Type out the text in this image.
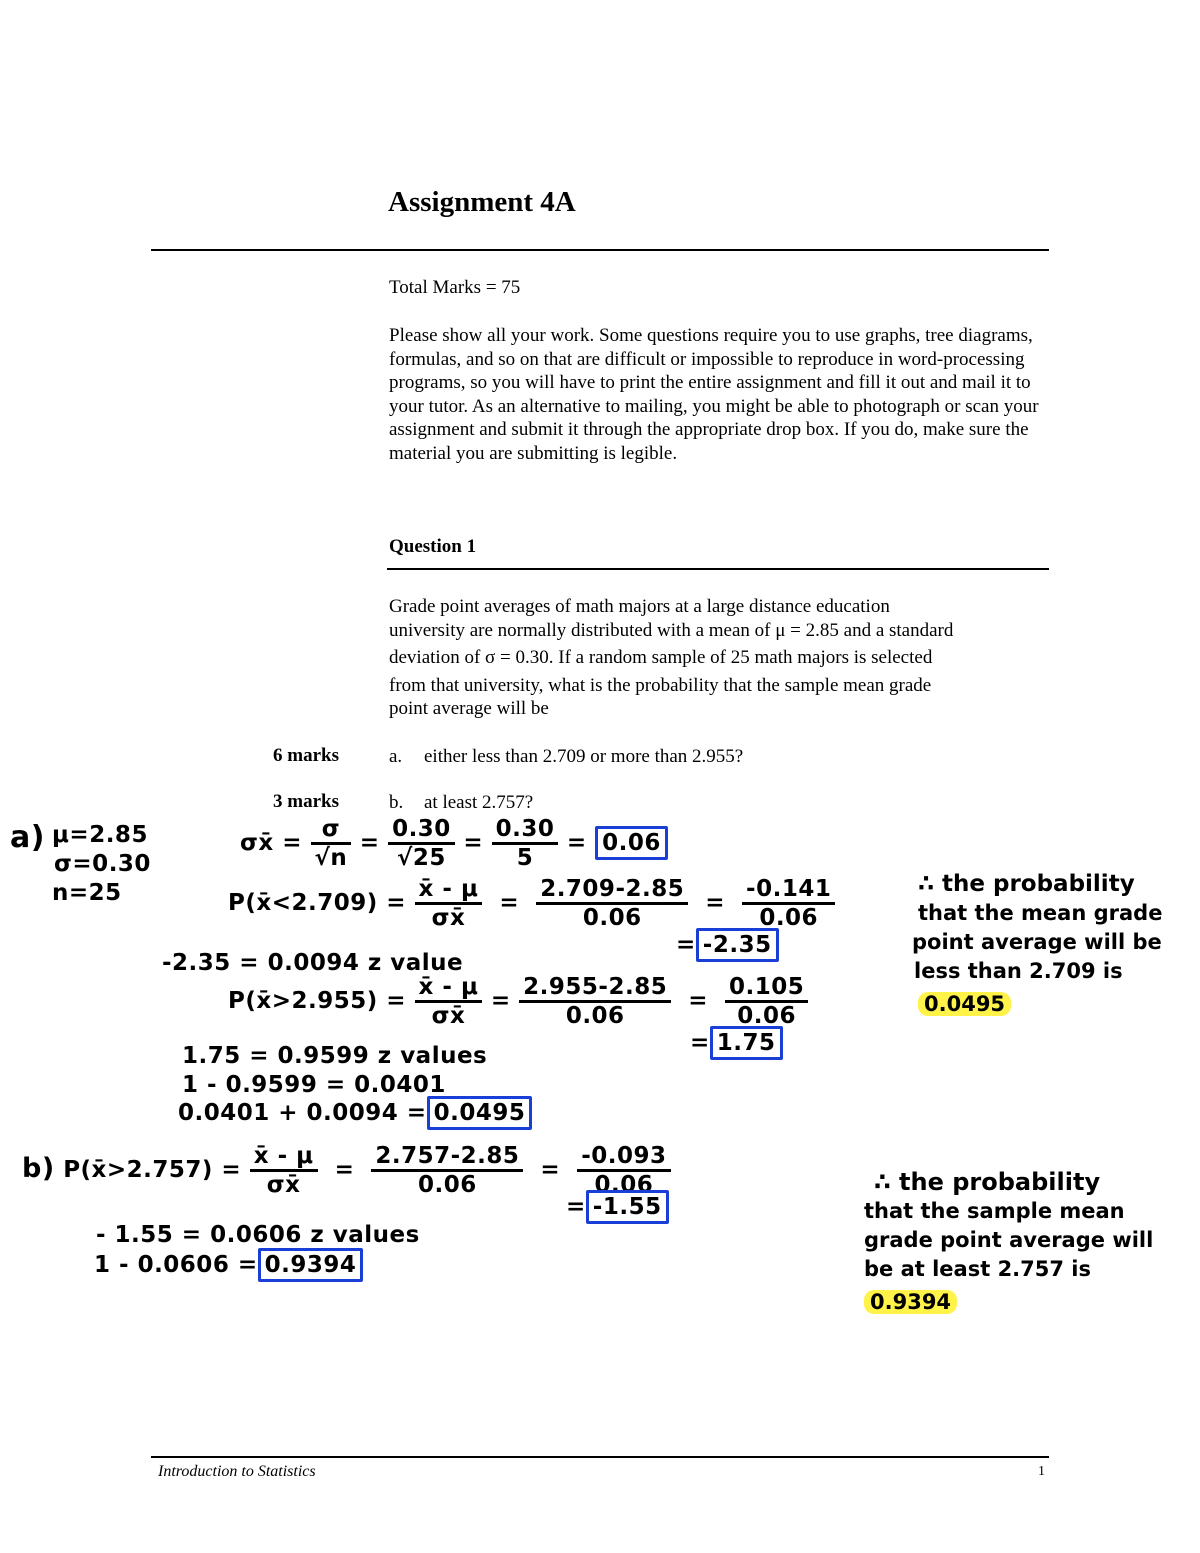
Assignment 4A
Total Marks = 75
Please show all your work. Some questions require you to use graphs, tree diagrams, formulas, and so on that are difficult or impossible to reproduce in word-processing programs, so you will have to print the entire assignment and fill it out and mail it to your tutor. As an alternative to mailing, you might be able to photograph or scan your assignment and submit it through the appropriate drop box. If you do, make sure the material you are submitting is legible.
Question 1
Grade point averages of math majors at a large distance education
university are normally distributed with a mean of μ = 2.85 and a standard
deviation of σ = 0.30. If a random sample of 25 math majors is selected
from that university, what is the probability that the sample mean grade
point average will be
6 marks	a. either less than 2.709 or more than 2.955?
3 marks	b. at least 2.757?
a) μ=2.85
σ=0.30
n=25
σx̄ = $\frac{\sigma}{√n} = \frac{0.30}{√25} = \frac{0.30}{5} = 0.06$
P(x̄<2.709) = $\frac{x̄ - \mu}{\sigma x̄} = \frac{2.709-2.85}{0.06} = \frac{-0.141}{0.06}$
= -2.35
-2.35 = 0.0094 z value
P(x̄>2.955) = $\frac{x̄ - \mu}{\sigma x̄} = \frac{2.955-2.85}{0.06} = \frac{0.105}{0.06}$
= 1.75
1.75 = 0.9599 z values
1 - 0.9599 = 0.0401
0.0401 + 0.0094 = 0.0495
∴ the probability
that the mean grade
point average will be
less than 2.709 is
0.0495
b) P(x̄>2.757) = $\frac{x̄ - \mu}{\sigma x̄} = \frac{2.757-2.85}{0.06} = \frac{-0.093}{0.06}$
= -1.55
- 1.55 = 0.0606 z values
1 - 0.0606 = 0.9394
∴ the probability
that the sample mean
grade point average will
be at least 2.757 is
0.9394
Introduction to Statistics	1
